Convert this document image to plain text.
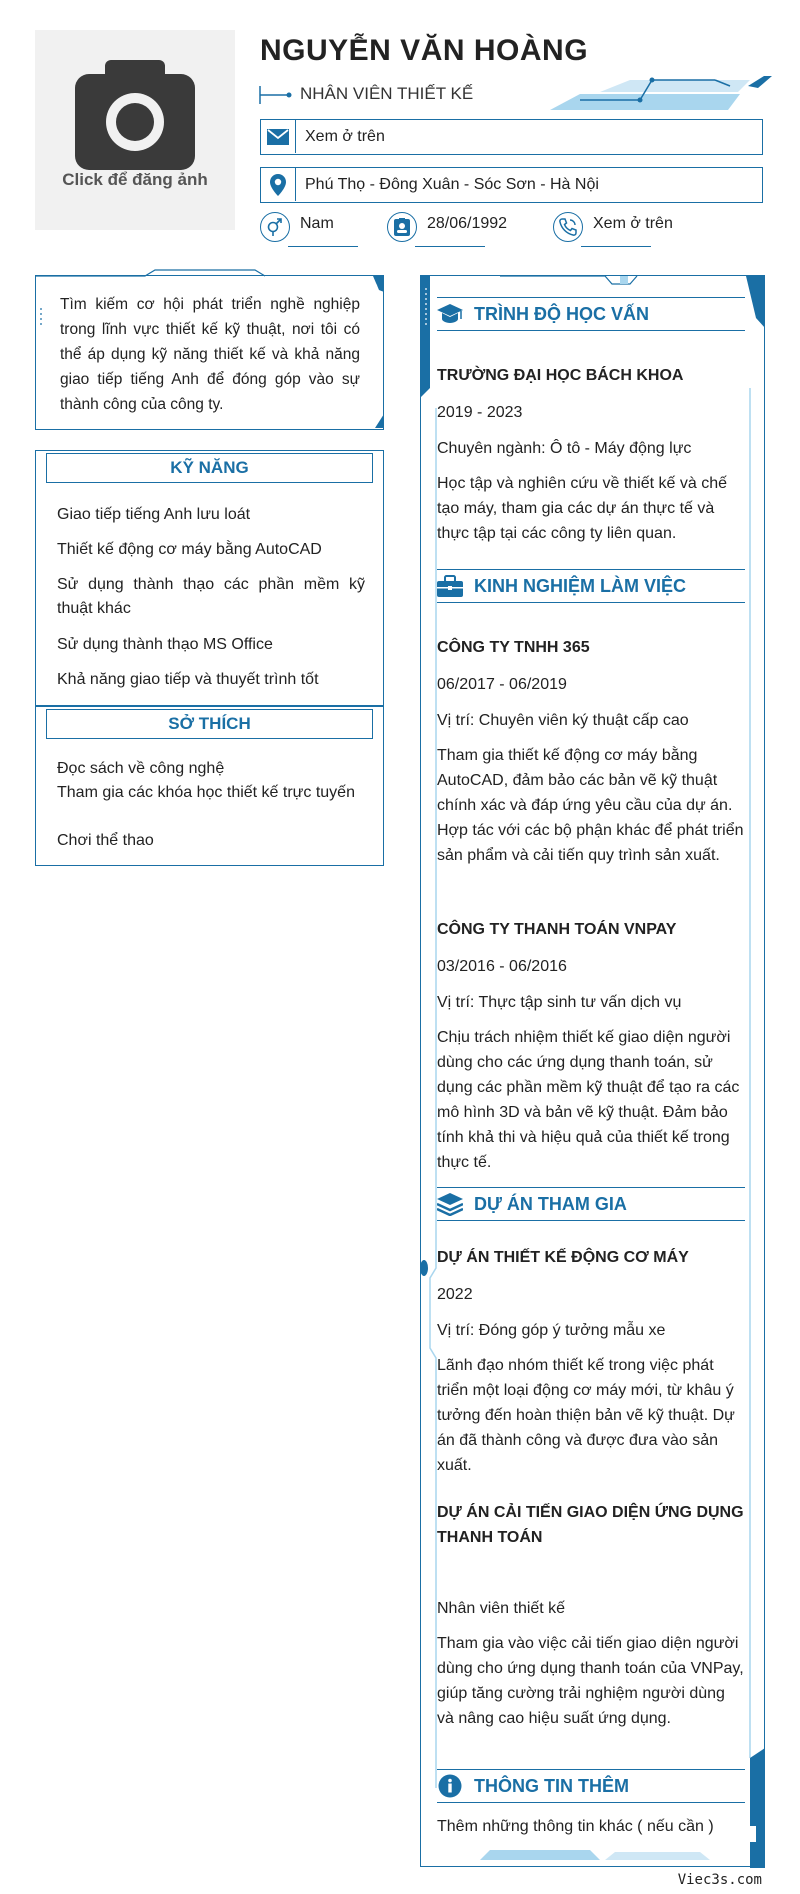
Click để đăng ảnh
NGUYỄN VĂN HOÀNG
NHÂN VIÊN THIẾT KẾ
Xem ở trên
Phú Thọ - Đông Xuân - Sóc Sơn - Hà Nội
Nam	28/06/1992	Xem ở trên
Tìm kiếm cơ hội phát triển nghề nghiệp trong lĩnh vực thiết kế kỹ thuật, nơi tôi có thể áp dụng kỹ năng thiết kế và khả năng giao tiếp tiếng Anh để đóng góp vào sự thành công của công ty.
KỸ NĂNG
Giao tiếp tiếng Anh lưu loát
Thiết kế động cơ máy bằng AutoCAD
Sử dụng thành thạo các phần mềm kỹ thuật khác
Sử dụng thành thạo MS Office
Khả năng giao tiếp và thuyết trình tốt
SỞ THÍCH
Đọc sách về công nghệ
Tham gia các khóa học thiết kế trực tuyến
Chơi thể thao
TRÌNH ĐỘ HỌC VẤN
TRƯỜNG ĐẠI HỌC BÁCH KHOA
2019 - 2023
Chuyên ngành: Ô tô - Máy động lực
Học tập và nghiên cứu về thiết kế và chế tạo máy, tham gia các dự án thực tế và thực tập tại các công ty liên quan.
KINH NGHIỆM LÀM VIỆC
CÔNG TY TNHH 365
06/2017 - 06/2019
Vị trí: Chuyên viên ký thuật cấp cao
Tham gia thiết kế động cơ máy bằng AutoCAD, đảm bảo các bản vẽ kỹ thuật chính xác và đáp ứng yêu cầu của dự án. Hợp tác với các bộ phận khác để phát triển sản phẩm và cải tiến quy trình sản xuất.
CÔNG TY THANH TOÁN VNPAY
03/2016 - 06/2016
Vị trí: Thực tập sinh tư vấn dịch vụ
Chịu trách nhiệm thiết kế giao diện người dùng cho các ứng dụng thanh toán, sử dụng các phần mềm kỹ thuật để tạo ra các mô hình 3D và bản vẽ kỹ thuật. Đảm bảo tính khả thi và hiệu quả của thiết kế trong thực tế.
DỰ ÁN THAM GIA
DỰ ÁN THIẾT KẾ ĐỘNG CƠ MÁY
2022
Vị trí: Đóng góp ý tưởng mẫu xe
Lãnh đạo nhóm thiết kế trong việc phát triển một loại động cơ máy mới, từ khâu ý tưởng đến hoàn thiện bản vẽ kỹ thuật. Dự án đã thành công và được đưa vào sản xuất.
DỰ ÁN CẢI TIẾN GIAO DIỆN ỨNG DỤNG THANH TOÁN
Nhân viên thiết kế
Tham gia vào việc cải tiến giao diện người dùng cho ứng dụng thanh toán của VNPay, giúp tăng cường trải nghiệm người dùng và nâng cao hiệu suất ứng dụng.
THÔNG TIN THÊM
Thêm những thông tin khác ( nếu cần )
Viec3s.com
